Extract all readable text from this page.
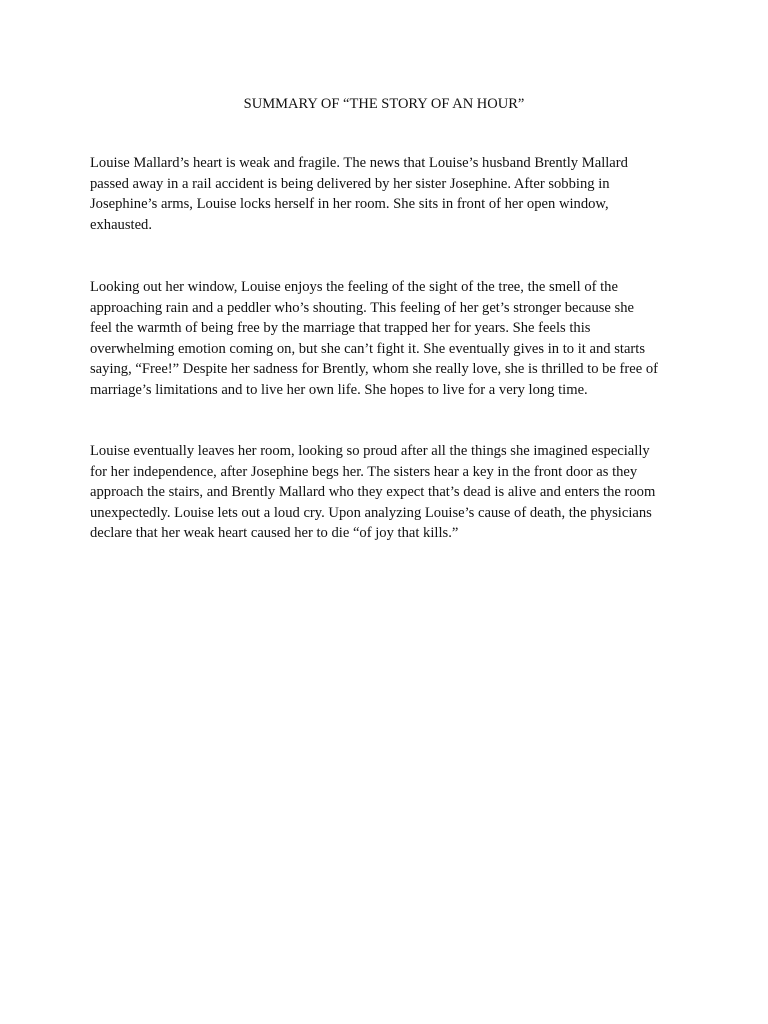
SUMMARY OF “THE STORY OF AN HOUR”

Louise Mallard’s heart is weak and fragile. The news that Louise’s husband Brently Mallard
passed away in a rail accident is being delivered by her sister Josephine. After sobbing in
Josephine’s arms, Louise locks herself in her room. She sits in front of her open window,
exhausted.

Looking out her window, Louise enjoys the feeling of the sight of the tree, the smell of the
approaching rain and a peddler who’s shouting. This feeling of her get’s stronger because she
feel the warmth of being free by the marriage that trapped her for years. She feels this
overwhelming emotion coming on, but she can’t fight it. She eventually gives in to it and starts
saying, “Free!” Despite her sadness for Brently, whom she really love, she is thrilled to be free of
marriage’s limitations and to live her own life. She hopes to live for a very long time.

Louise eventually leaves her room, looking so proud after all the things she imagined especially
for her independence, after Josephine begs her. The sisters hear a key in the front door as they
approach the stairs, and Brently Mallard who they expect that’s dead is alive and enters the room
unexpectedly. Louise lets out a loud cry. Upon analyzing Louise’s cause of death, the physicians
declare that her weak heart caused her to die “of joy that kills.”
